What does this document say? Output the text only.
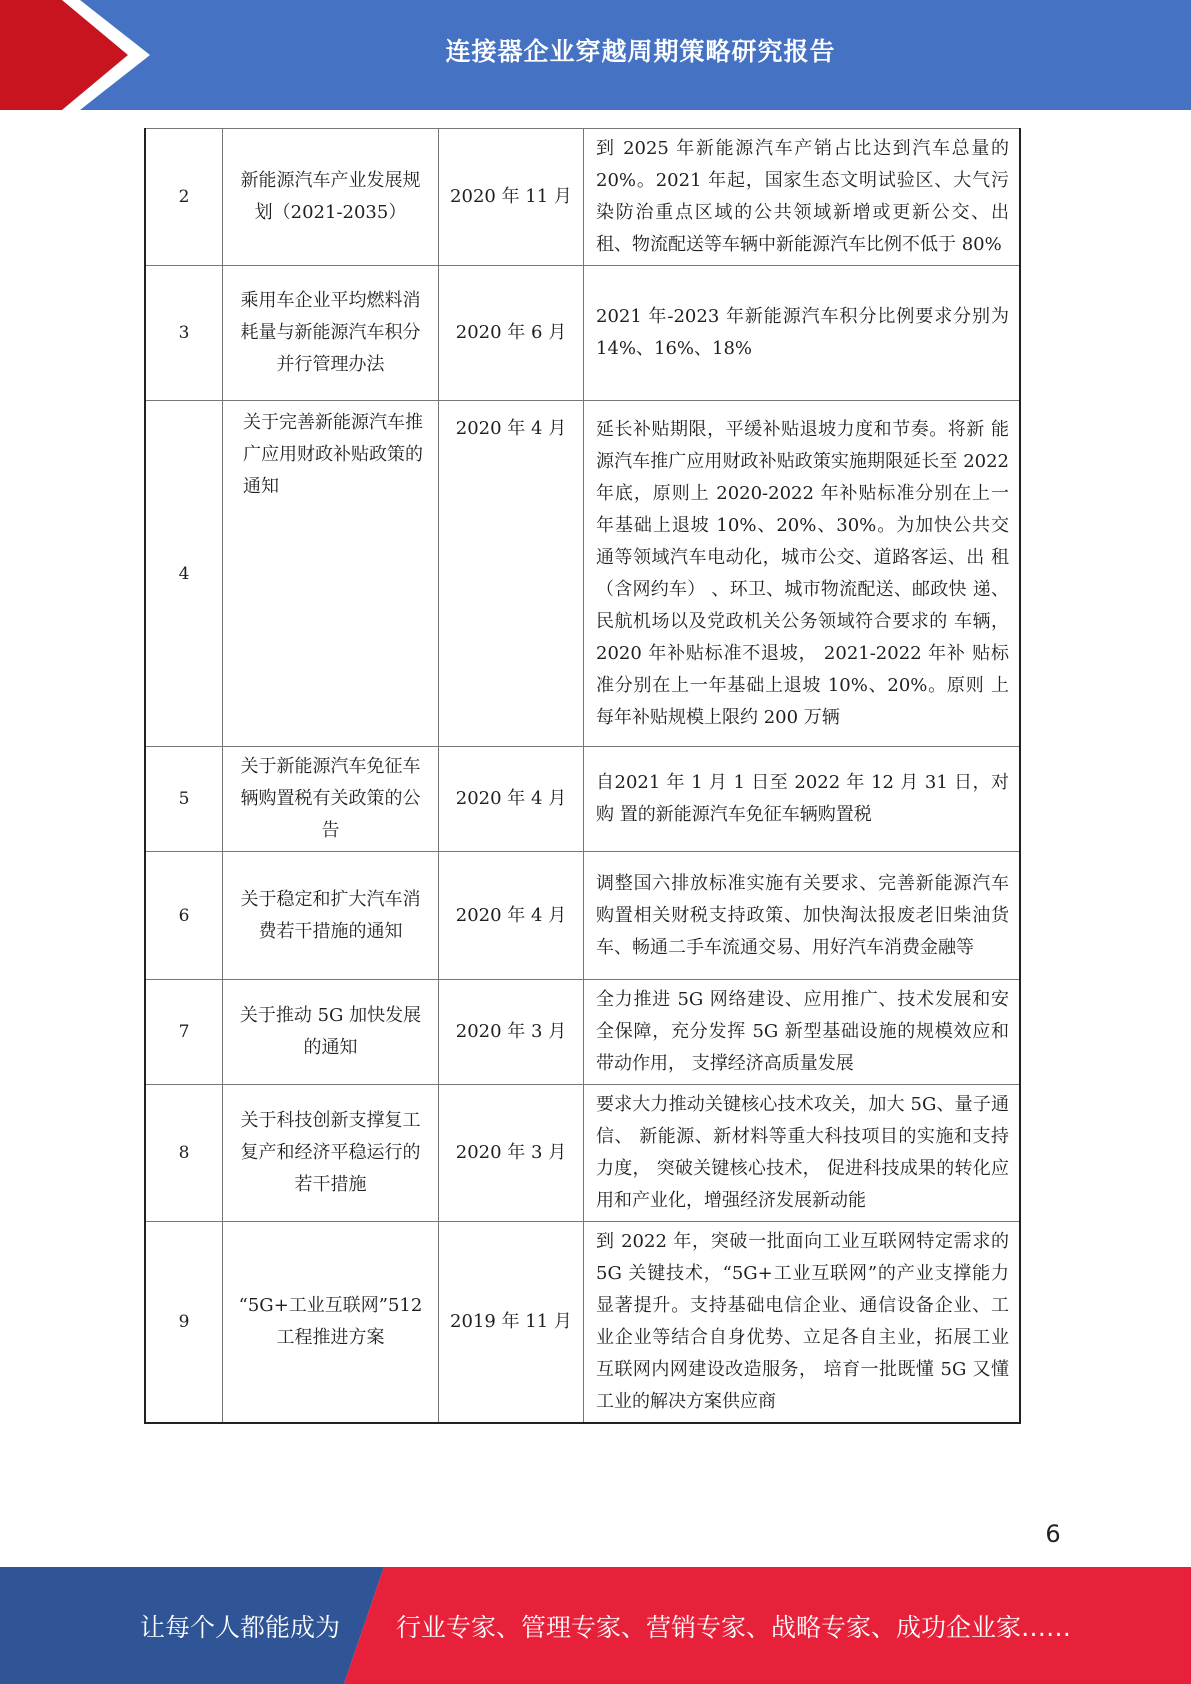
连接器企业穿越周期策略研究报告
2	新能源汽车产业发展规划（2021-2035）	2020 年 11 月	到 2025 年新能源汽车产销占比达到汽车总量的 20%。2021 年起，国家生态文明试验区、大气污染防治重点区域的公共领域新增或更新公交、出租、物流配送等车辆中新能源汽车比例不低于 80%
3	乘用车企业平均燃料消耗量与新能源汽车积分并行管理办法	2020 年 6 月	2021 年-2023 年新能源汽车积分比例要求分别为 14%、16%、18%
4	关于完善新能源汽车推广应用财政补贴政策的通知	2020 年 4 月	延长补贴期限，平缓补贴退坡力度和节奏。将新 能源汽车推广应用财政补贴政策实施期限延长至 2022 年底，原则上 2020-2022 年补贴标准分别在上一年基础上退坡 10%、20%、30%。为加快公共交 通等领域汽车电动化，城市公交、道路客运、出 租 （含网约车） 、环卫、城市物流配送、邮政快 递、民航机场以及党政机关公务领域符合要求的 车辆， 2020 年补贴标准不退坡， 2021-2022 年补 贴标准分别在上一年基础上退坡 10%、20%。原则 上每年补贴规模上限约 200 万辆
5	关于新能源汽车免征车辆购置税有关政策的公告	2020 年 4 月	自2021 年 1 月 1 日至 2022 年 12 月 31 日，对购 置的新能源汽车免征车辆购置税
6	关于稳定和扩大汽车消费若干措施的通知	2020 年 4 月	调整国六排放标准实施有关要求、完善新能源汽车购置相关财税支持政策、加快淘汰报废老旧柴油货车、畅通二手车流通交易、用好汽车消费金融等
7	关于推动 5G 加快发展的通知	2020 年 3 月	全力推进 5G 网络建设、应用推广、技术发展和安全保障，充分发挥 5G 新型基础设施的规模效应和带动作用， 支撑经济高质量发展
8	关于科技创新支撑复工复产和经济平稳运行的若干措施	2020 年 3 月	要求大力推动关键核心技术攻关，加大 5G、量子通信、 新能源、新材料等重大科技项目的实施和支持力度， 突破关键核心技术， 促进科技成果的转化应用和产业化，增强经济发展新动能
9	“5G+工业互联网”512 工程推进方案	2019 年 11 月	到 2022 年，突破一批面向工业互联网特定需求的 5G 关键技术，“5G+工业互联网”的产业支撑能力显著提升。支持基础电信企业、通信设备企业、工业企业等结合自身优势、立足各自主业，拓展工业互联网内网建设改造服务， 培育一批既懂 5G 又懂工业的解决方案供应商
6
让每个人都能成为 行业专家、管理专家、营销专家、战略专家、成功企业家……
